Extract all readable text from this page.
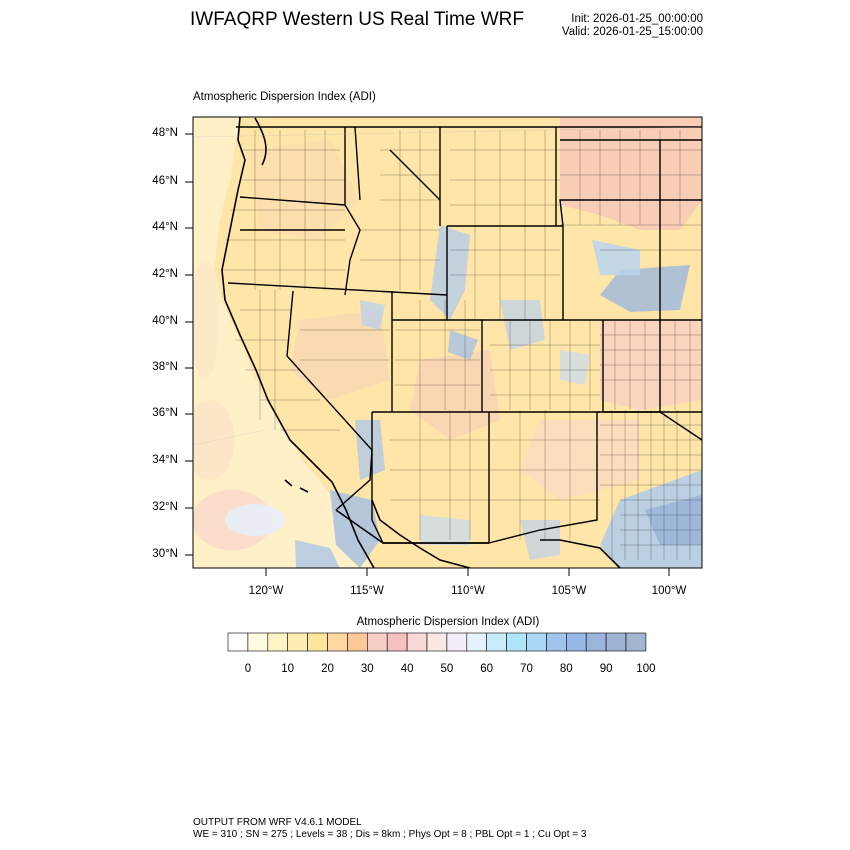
IWFAQRP Western US Real Time WRF	Init: 2026-01-25_00:00:00
Valid: 2026-01-25_15:00:00
Atmospheric Dispersion Index (ADI)
48°N
46°N
44°N
42°N
40°N
38°N
36°N
34°N
32°N
30°N
120°W	115°W	110°W	105°W	100°W
Atmospheric Dispersion Index (ADI)
0	10	20	30	40	50	60	70	80	90	100
OUTPUT FROM WRF V4.6.1 MODEL
WE = 310 ; SN = 275 ; Levels = 38 ; Dis = 8km ; Phys Opt = 8 ; PBL Opt = 1 ; Cu Opt = 3
